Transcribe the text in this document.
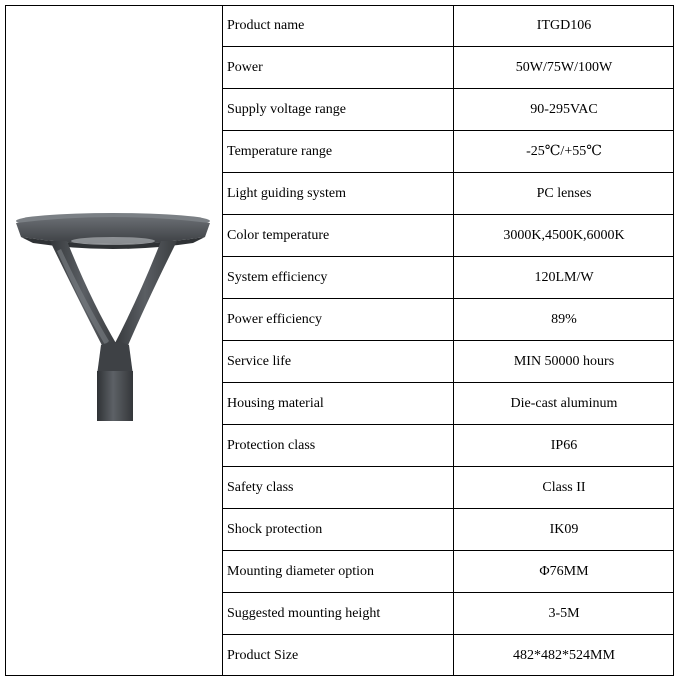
Product name	ITGD106
Power	50W/75W/100W
Supply voltage range	90-295VAC
Temperature range	-25℃/+55℃
Light guiding system	PC lenses
Color temperature	3000K,4500K,6000K
System efficiency	120LM/W
Power efficiency	89%
Service life	MIN 50000 hours
Housing material	Die-cast aluminum
Protection class	IP66
Safety class	Class II
Shock protection	IK09
Mounting diameter option	Φ76MM
Suggested mounting height	3-5M
Product Size	482*482*524MM
